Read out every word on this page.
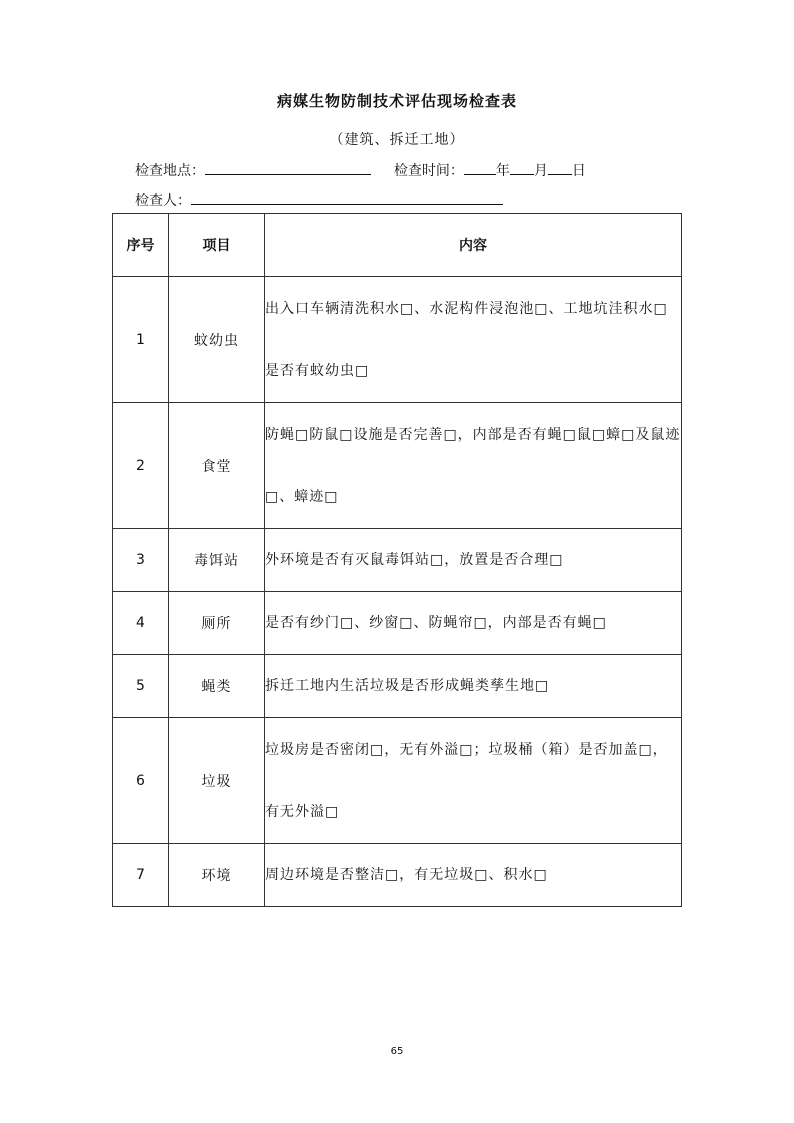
病媒生物防制技术评估现场检查表
（建筑、拆迁工地）
检查地点：	检查时间： 年 月 日
检查人：
序号	项目	内容
1	蚊幼虫	出入口车辆清洗积水□、水泥构件浸泡池□、工地坑洼积水□是否有蚊幼虫□
2	食堂	防蝇□防鼠□设施是否完善□，内部是否有蝇□鼠□蟑□及鼠迹□、蟑迹□
3	毒饵站	外环境是否有灭鼠毒饵站□，放置是否合理□
4	厕所	是否有纱门□、纱窗□、防蝇帘□，内部是否有蝇□
5	蝇类	拆迁工地内生活垃圾是否形成蝇类孳生地□
6	垃圾	垃圾房是否密闭□，无有外溢□；垃圾桶（箱）是否加盖□，有无外溢□
7	环境	周边环境是否整洁□，有无垃圾□、积水□
65
